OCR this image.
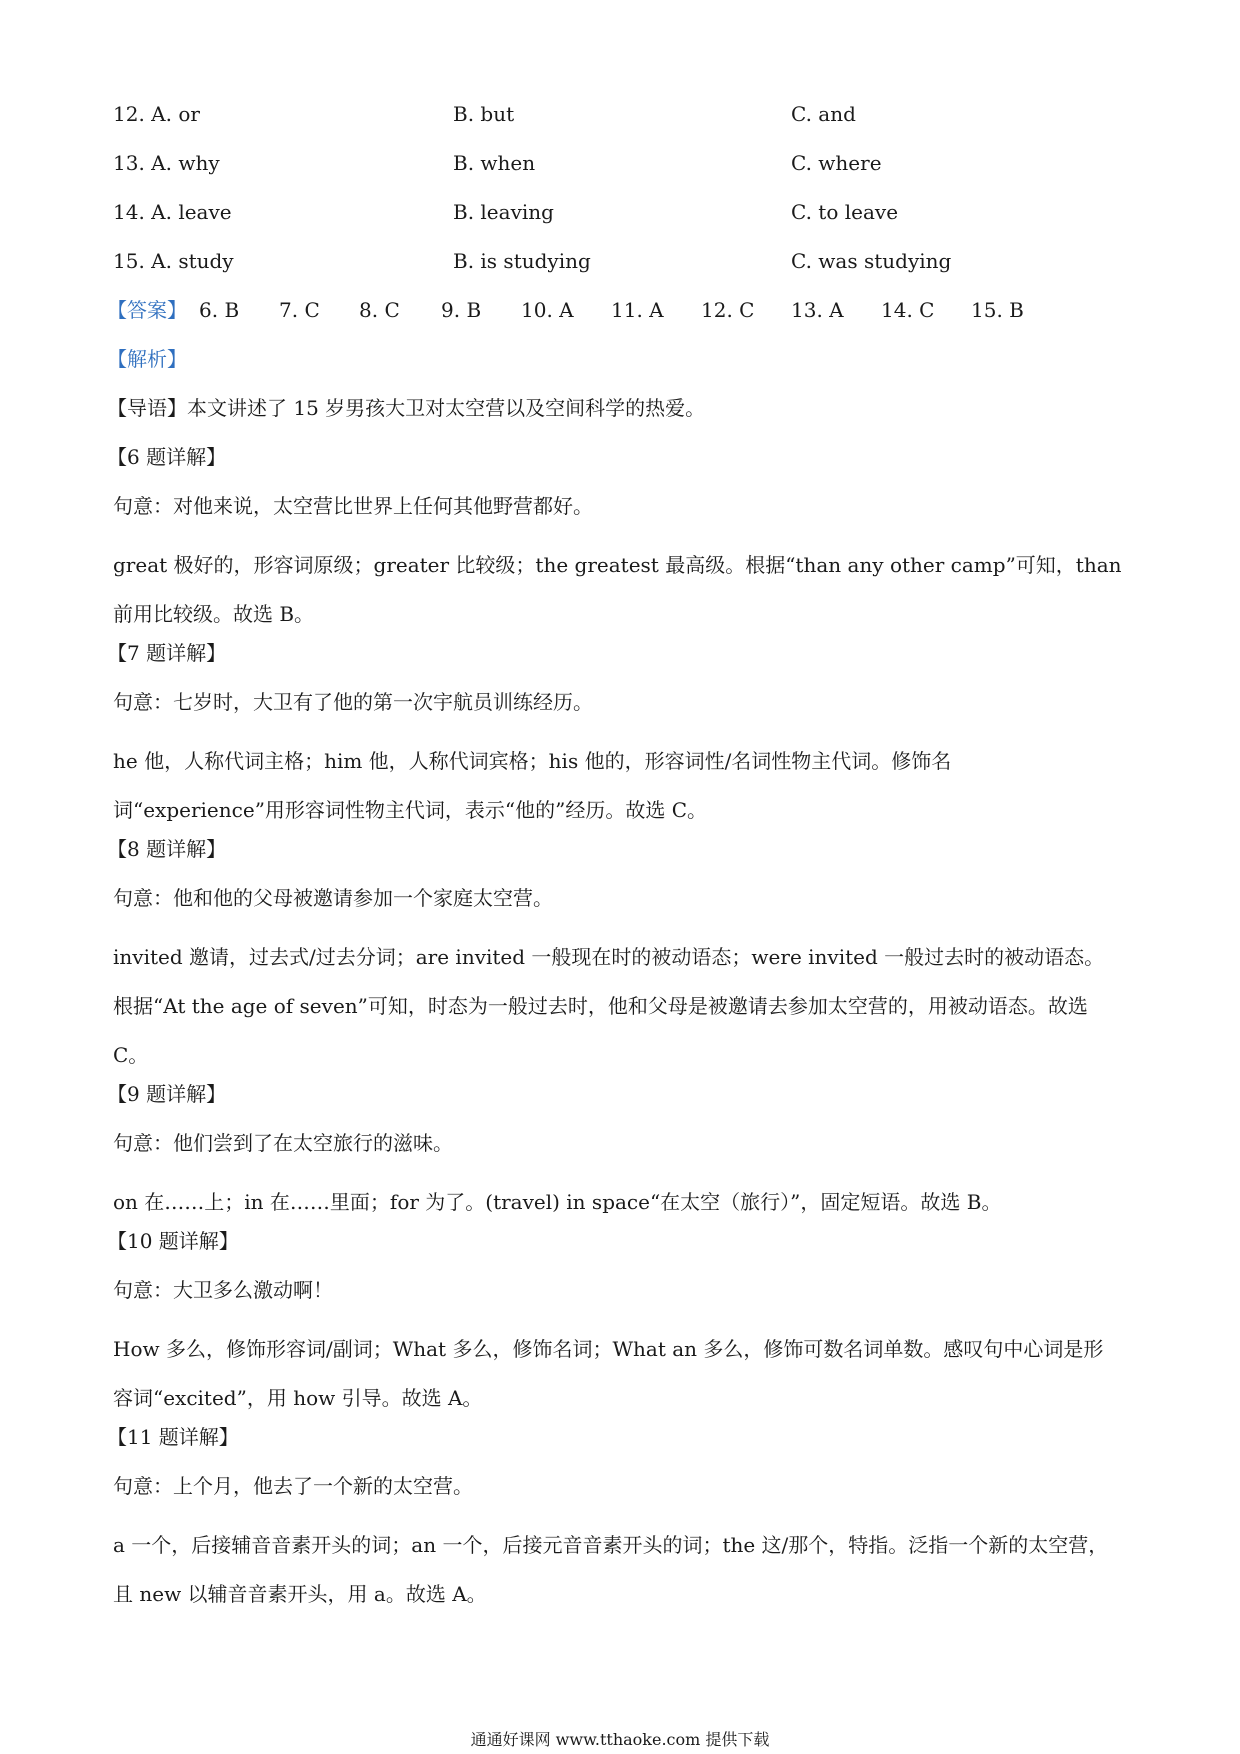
12. A. or	B. but	C. and
13. A. why	B. when	C. where
14. A. leave	B. leaving	C. to leave
15. A. study	B. is studying	C. was studying
【答案】 6. B 7. C 8. C 9. B 10. A 11. A 12. C 13. A 14. C 15. B
【解析】
【导语】本文讲述了 15 岁男孩大卫对太空营以及空间科学的热爱。
【6 题详解】
句意：对他来说，太空营比世界上任何其他野营都好。

great 极好的，形容词原级；greater 比较级；the greatest 最高级。根据“than any other camp”可知，than 前用比较级。故选 B。

【7 题详解】
句意：七岁时，大卫有了他的第一次宇航员训练经历。

he 他，人称代词主格；him 他，人称代词宾格；his 他的，形容词性/名词性物主代词。修饰名词“experience”用形容词性物主代词，表示“他的”经历。故选 C。

【8 题详解】
句意：他和他的父母被邀请参加一个家庭太空营。

invited 邀请，过去式/过去分词；are invited 一般现在时的被动语态；were invited 一般过去时的被动语态。根据“At the age of seven”可知，时态为一般过去时，他和父母是被邀请去参加太空营的，用被动语态。故选 C。

【9 题详解】
句意：他们尝到了在太空旅行的滋味。

on 在……上；in 在……里面；for 为了。(travel) in space“在太空（旅行）”，固定短语。故选 B。

【10 题详解】
句意：大卫多么激动啊！

How 多么，修饰形容词/副词；What 多么，修饰名词；What an 多么，修饰可数名词单数。感叹句中心词是形容词“excited”，用 how 引导。故选 A。

【11 题详解】
句意：上个月，他去了一个新的太空营。

a 一个，后接辅音音素开头的词；an 一个，后接元音音素开头的词；the 这/那个，特指。泛指一个新的太空营，且 new 以辅音音素开头，用 a。故选 A。

通通好课网 www.tthaoke.com 提供下载
